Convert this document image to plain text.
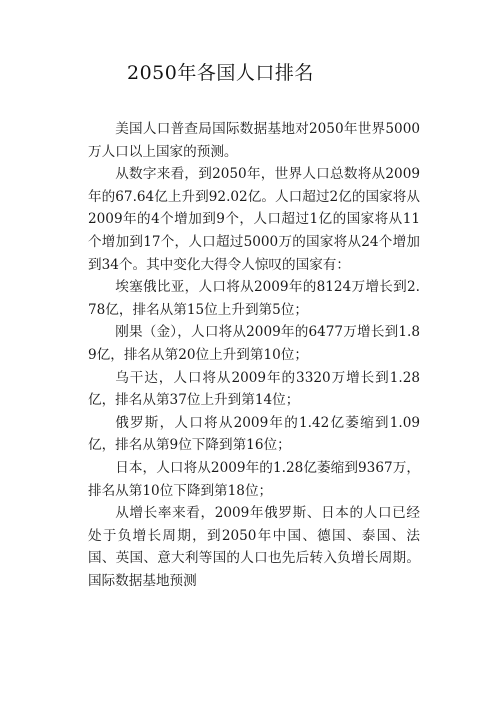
2050年各国人口排名

美国人口普查局国际数据基地对2050年世界5000万人口以上国家的预测。

从数字来看，到2050年，世界人口总数将从2009年的67.64亿上升到92.02亿。人口超过2亿的国家将从2009年的4个增加到9个，人口超过1亿的国家将从11个增加到17个，人口超过5000万的国家将从24个增加到34个。其中变化大得令人惊叹的国家有：

埃塞俄比亚，人口将从2009年的8124万增长到2.78亿，排名从第15位上升到第5位；

刚果（金），人口将从2009年的6477万增长到1.89亿，排名从第20位上升到第10位；

乌干达，人口将从2009年的3320万增长到1.28亿，排名从第37位上升到第14位；

俄罗斯，人口将从2009年的1.42亿萎缩到1.09亿，排名从第9位下降到第16位；

日本，人口将从2009年的1.28亿萎缩到9367万，排名从第10位下降到第18位；

从增长率来看，2009年俄罗斯、日本的人口已经处于负增长周期，到2050年中国、德国、泰国、法国、英国、意大利等国的人口也先后转入负增长周期。国际数据基地预测
